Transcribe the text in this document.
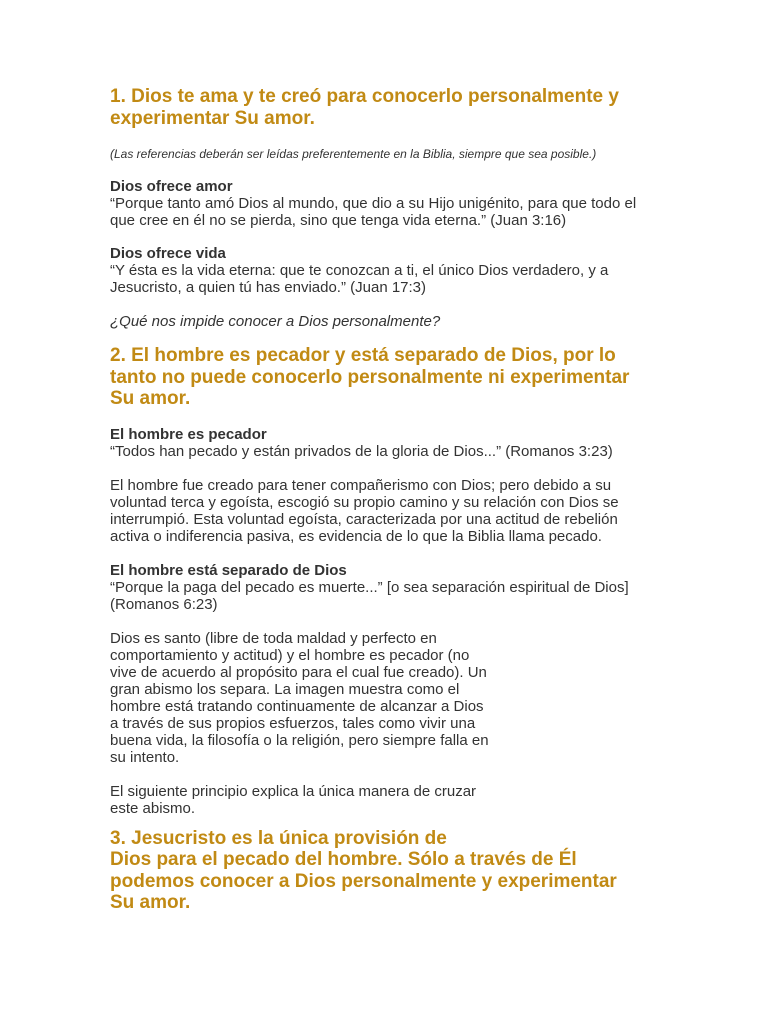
1. Dios te ama y te creó para conocerlo personalmente y
experimentar Su amor.

(Las referencias deberán ser leídas preferentemente en la Biblia, siempre que sea posible.)

Dios ofrece amor

“Porque tanto amó Dios al mundo, que dio a su Hijo unigénito, para que todo el
que cree en él no se pierda, sino que tenga vida eterna.” (Juan 3:16)

Dios ofrece vida

“Y ésta es la vida eterna: que te conozcan a ti, el único Dios verdadero, y a
Jesucristo, a quien tú has enviado.” (Juan 17:3)

¿Qué nos impide conocer a Dios personalmente?

2. El hombre es pecador y está separado de Dios, por lo
tanto no puede conocerlo personalmente ni experimentar
Su amor.

El hombre es pecador

“Todos han pecado y están privados de la gloria de Dios...” (Romanos 3:23)

El hombre fue creado para tener compañerismo con Dios; pero debido a su
voluntad terca y egoísta, escogió su propio camino y su relación con Dios se
interrumpió. Esta voluntad egoísta, caracterizada por una actitud de rebelión
activa o indiferencia pasiva, es evidencia de lo que la Biblia llama pecado.

El hombre está separado de Dios

“Porque la paga del pecado es muerte...” [o sea separación espiritual de Dios]
(Romanos 6:23)

Dios es santo (libre de toda maldad y perfecto en
comportamiento y actitud) y el hombre es pecador (no
vive de acuerdo al propósito para el cual fue creado). Un
gran abismo los separa. La imagen muestra como el
hombre está tratando continuamente de alcanzar a Dios
a través de sus propios esfuerzos, tales como vivir una
buena vida, la filosofía o la religión, pero siempre falla en
su intento.

El siguiente principio explica la única manera de cruzar
este abismo.

3. Jesucristo es la única provisión de
Dios para el pecado del hombre. Sólo a través de Él
podemos conocer a Dios personalmente y experimentar
Su amor.
